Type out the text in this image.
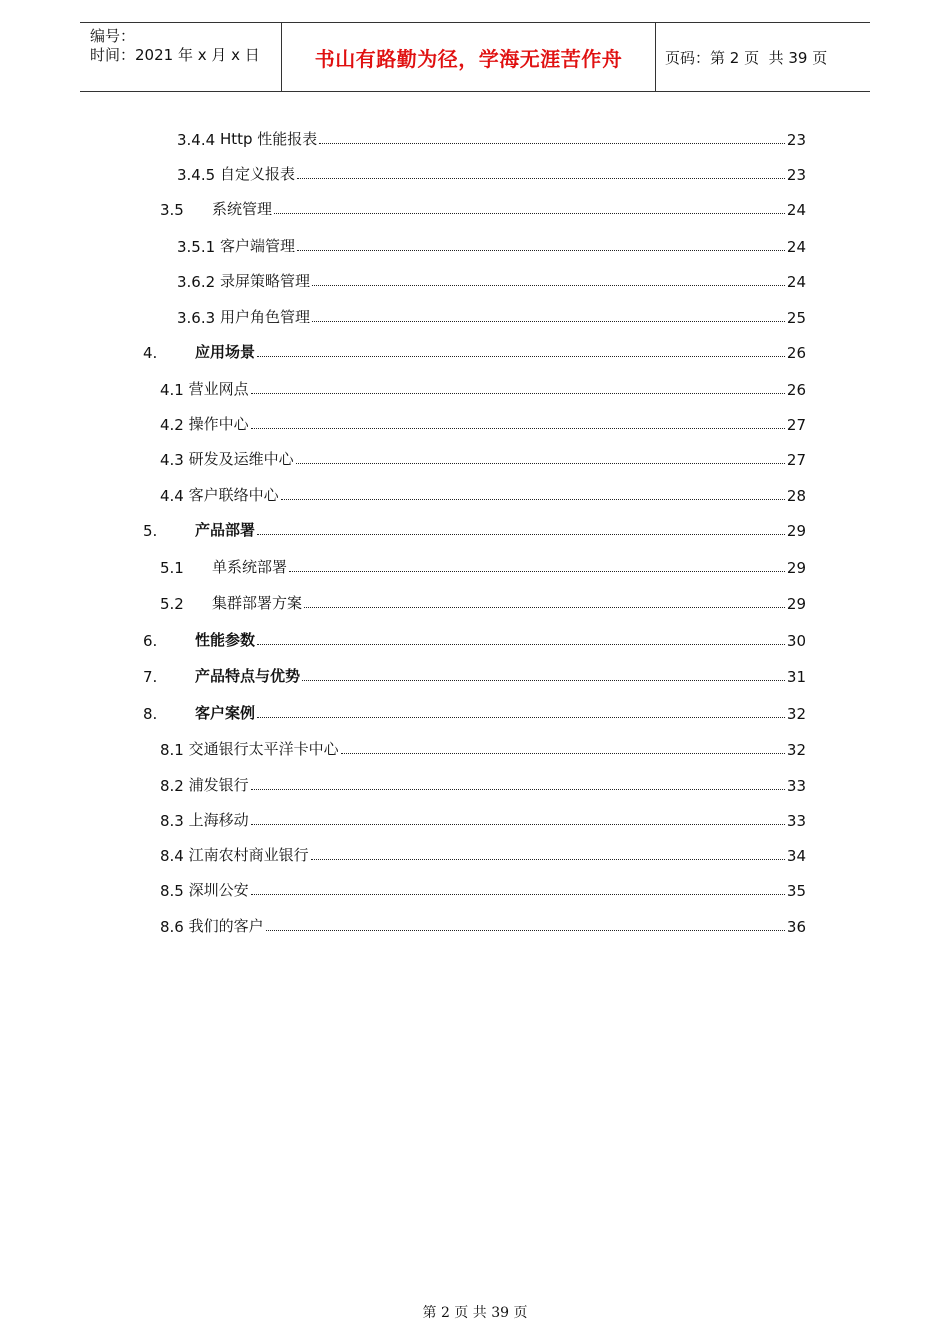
编号：
时间：2021 年 x 月 x 日	书山有路勤为径，学海无涯苦作舟	页码：第 2 页  共 39 页
3.4.4 Http 性能报表	23
3.4.5 自定义报表	23
3.5	系统管理	24
3.5.1 客户端管理	24
3.6.2 录屏策略管理	24
3.6.3 用户角色管理	25
4.	应用场景	26
4.1 营业网点	26
4.2 操作中心	27
4.3 研发及运维中心	27
4.4 客户联络中心	28
5.	产品部署	29
5.1	单系统部署	29
5.2	集群部署方案	29
6.	性能参数	30
7.	产品特点与优势	31
8.	客户案例	32
8.1 交通银行太平洋卡中心	32
8.2 浦发银行	33
8.3 上海移动	33
8.4 江南农村商业银行	34
8.5 深圳公安	35
8.6 我们的客户	36
第 2 页 共 39 页
